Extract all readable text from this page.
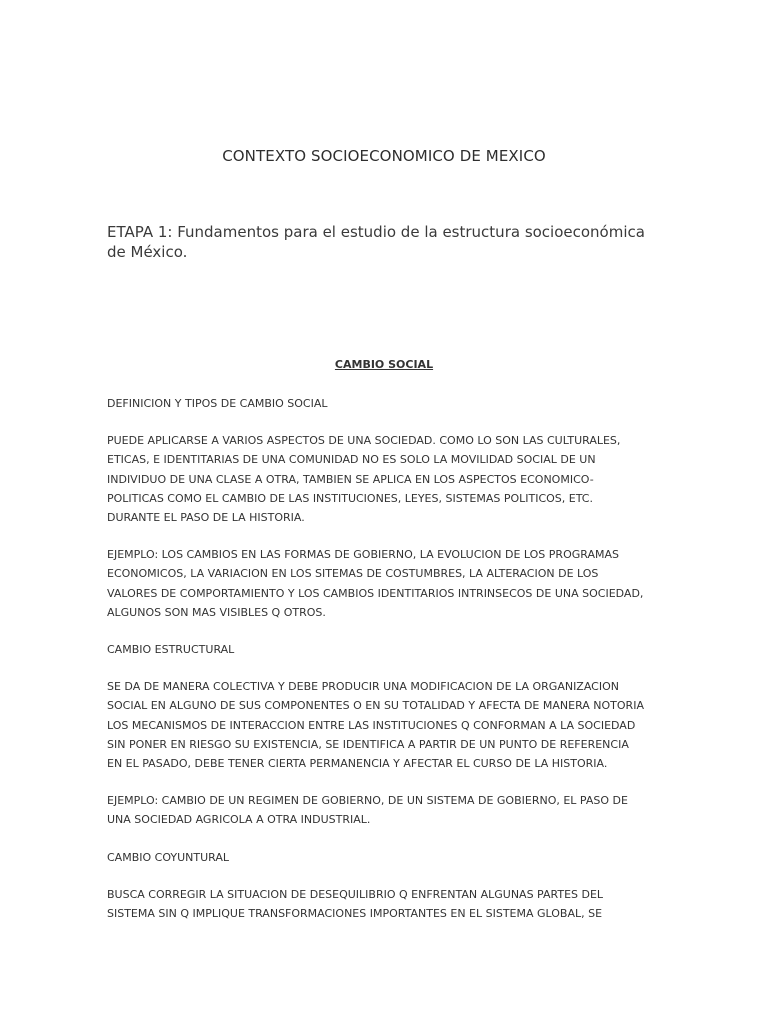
CONTEXTO SOCIOECONOMICO DE MEXICO
ETAPA 1: Fundamentos para el estudio de la estructura socioeconómica de México.
CAMBIO SOCIAL

DEFINICION Y TIPOS DE CAMBIO SOCIAL

PUEDE APLICARSE A VARIOS ASPECTOS DE UNA SOCIEDAD. COMO LO SON LAS CULTURALES,
ETICAS, E IDENTITARIAS DE UNA COMUNIDAD NO ES SOLO LA MOVILIDAD SOCIAL DE UN
INDIVIDUO DE UNA CLASE A OTRA, TAMBIEN SE APLICA EN LOS ASPECTOS ECONOMICO-
POLITICAS COMO EL CAMBIO DE LAS INSTITUCIONES, LEYES, SISTEMAS POLITICOS, ETC.
DURANTE EL PASO DE LA HISTORIA.

EJEMPLO: LOS CAMBIOS EN LAS FORMAS DE GOBIERNO, LA EVOLUCION DE LOS PROGRAMAS
ECONOMICOS, LA VARIACION EN LOS SITEMAS DE COSTUMBRES, LA ALTERACION DE LOS
VALORES DE COMPORTAMIENTO Y LOS CAMBIOS IDENTITARIOS INTRINSECOS DE UNA SOCIEDAD,
ALGUNOS SON MAS VISIBLES Q OTROS.

CAMBIO ESTRUCTURAL

SE DA DE MANERA COLECTIVA Y DEBE PRODUCIR UNA MODIFICACION DE LA ORGANIZACION
SOCIAL EN ALGUNO DE SUS COMPONENTES O EN SU TOTALIDAD Y AFECTA DE MANERA NOTORIA
LOS MECANISMOS DE INTERACCION ENTRE LAS INSTITUCIONES Q CONFORMAN A LA SOCIEDAD
SIN PONER EN RIESGO SU EXISTENCIA, SE IDENTIFICA A PARTIR DE UN PUNTO DE REFERENCIA
EN EL PASADO, DEBE TENER CIERTA PERMANENCIA Y AFECTAR EL CURSO DE LA HISTORIA.

EJEMPLO: CAMBIO DE UN REGIMEN DE GOBIERNO, DE UN SISTEMA DE GOBIERNO, EL PASO DE
UNA SOCIEDAD AGRICOLA A OTRA INDUSTRIAL.

CAMBIO COYUNTURAL

BUSCA CORREGIR LA SITUACION DE DESEQUILIBRIO Q ENFRENTAN ALGUNAS PARTES DEL
SISTEMA SIN Q IMPLIQUE TRANSFORMACIONES IMPORTANTES EN EL SISTEMA GLOBAL, SE
